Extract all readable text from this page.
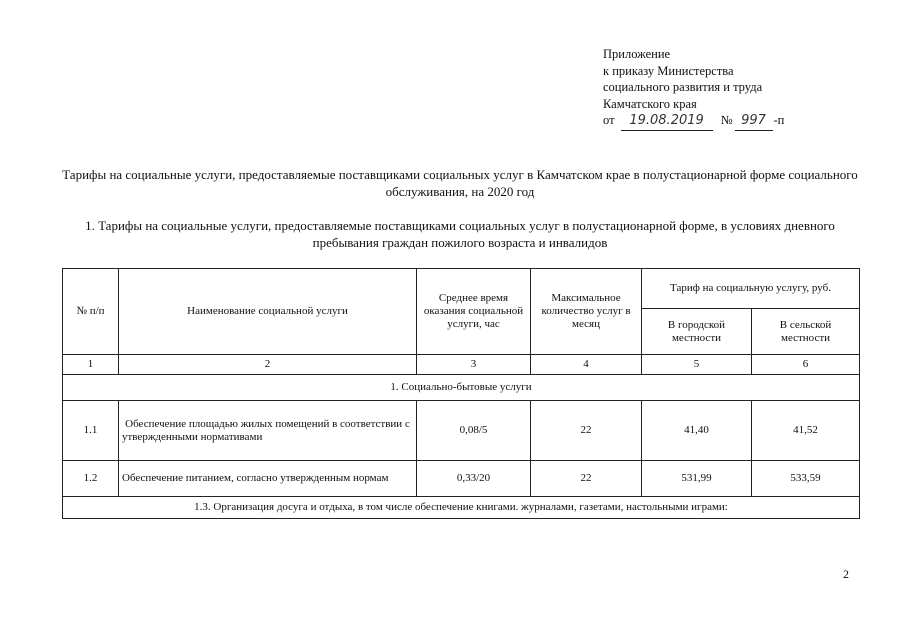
Приложение
к приказу Министерства
социального развития и труда
Камчатского края
от 19.08.2019 № 997 -п
Тарифы на социальные услуги, предоставляемые поставщиками социальных услуг в Камчатском крае в полустационарной форме социального обслуживания, на 2020 год
1. Тарифы на социальные услуги, предоставляемые поставщиками социальных услуг в полустационарной форме, в условиях дневного пребывания граждан пожилого возраста и инвалидов
№ п/п	Наименование социальной услуги	Среднее время оказания социальной услуги, час	Максимальное количество услуг в месяц	Тариф на социальную услугу, руб.	
				В городской местности	В сельской местности
1	2	3	4	5	6
1. Социально-бытовые услуги					
1.1	Обеспечение площадью жилых помещений в соответствии с утвержденными нормативами	0,08/5	22	41,40	41,52
1.2	Обеспечение питанием, согласно утвержденным нормам	0,33/20	22	531,99	533,59
1.3. Организация досуга и отдыха, в том числе обеспечение книгами. журналами, газетами, настольными играми:					
2
